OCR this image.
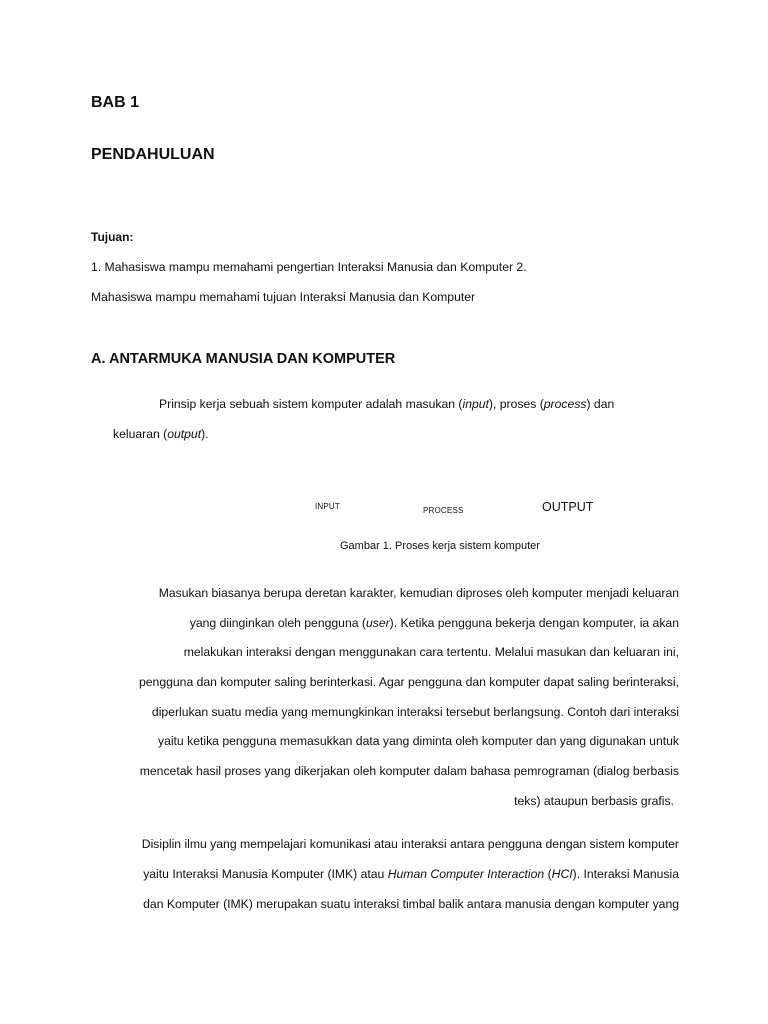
BAB 1
PENDAHULUAN
Tujuan:
1. Mahasiswa mampu memahami pengertian Interaksi Manusia dan Komputer 2.
Mahasiswa mampu memahami tujuan Interaksi Manusia dan Komputer
A. ANTARMUKA MANUSIA DAN KOMPUTER
Prinsip kerja sebuah sistem komputer adalah masukan (input), proses (process) dan
keluaran (output).
INPUT	PROCESS	OUTPUT
Gambar 1. Proses kerja sistem komputer
Masukan biasanya berupa deretan karakter, kemudian diproses oleh komputer menjadi keluaran
yang diinginkan oleh pengguna (user). Ketika pengguna bekerja dengan komputer, ia akan
melakukan interaksi dengan menggunakan cara tertentu. Melalui masukan dan keluaran ini,
pengguna dan komputer saling berinterkasi. Agar pengguna dan komputer dapat saling berinteraksi,
diperlukan suatu media yang memungkinkan interaksi tersebut berlangsung. Contoh dari interaksi
yaitu ketika pengguna memasukkan data yang diminta oleh komputer dan yang digunakan untuk
mencetak hasil proses yang dikerjakan oleh komputer dalam bahasa pemrograman (dialog berbasis
teks) ataupun berbasis grafis.
Disiplin ilmu yang mempelajari komunikasi atau interaksi antara pengguna dengan sistem komputer
yaitu Interaksi Manusia Komputer (IMK) atau Human Computer Interaction (HCI). Interaksi Manusia
dan Komputer (IMK) merupakan suatu interaksi timbal balik antara manusia dengan komputer yang
